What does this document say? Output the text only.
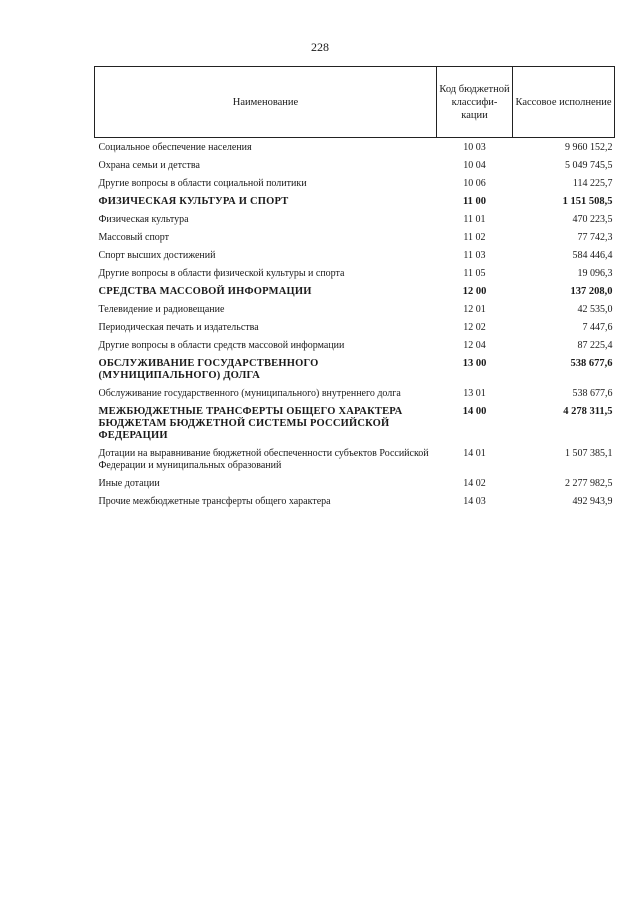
228
Наименование	Код бюджетной классифи-кации	Кассовое исполнение
Социальное обеспечение населения	10 03	9 960 152,2
Охрана семьи и детства	10 04	5 049 745,5
Другие вопросы в области социальной политики	10 06	114 225,7
ФИЗИЧЕСКАЯ КУЛЬТУРА И СПОРТ	11 00	1 151 508,5
Физическая культура	11 01	470 223,5
Массовый спорт	11 02	77 742,3
Спорт высших достижений	11 03	584 446,4
Другие вопросы в области физической культуры и спорта	11 05	19 096,3
СРЕДСТВА МАССОВОЙ ИНФОРМАЦИИ	12 00	137 208,0
Телевидение и радиовещание	12 01	42 535,0
Периодическая печать и издательства	12 02	7 447,6
Другие вопросы в области средств массовой информации	12 04	87 225,4
ОБСЛУЖИВАНИЕ ГОСУДАРСТВЕННОГО (МУНИЦИПАЛЬНОГО) ДОЛГА	13 00	538 677,6
Обслуживание государственного (муниципального) внутреннего долга	13 01	538 677,6
МЕЖБЮДЖЕТНЫЕ ТРАНСФЕРТЫ ОБЩЕГО ХАРАКТЕРА БЮДЖЕТАМ БЮДЖЕТНОЙ СИСТЕМЫ РОССИЙСКОЙ ФЕДЕРАЦИИ	14 00	4 278 311,5
Дотации на выравнивание бюджетной обеспеченности субъектов Российской Федерации и муниципальных образований	14 01	1 507 385,1
Иные дотации	14 02	2 277 982,5
Прочие межбюджетные трансферты общего характера	14 03	492 943,9
